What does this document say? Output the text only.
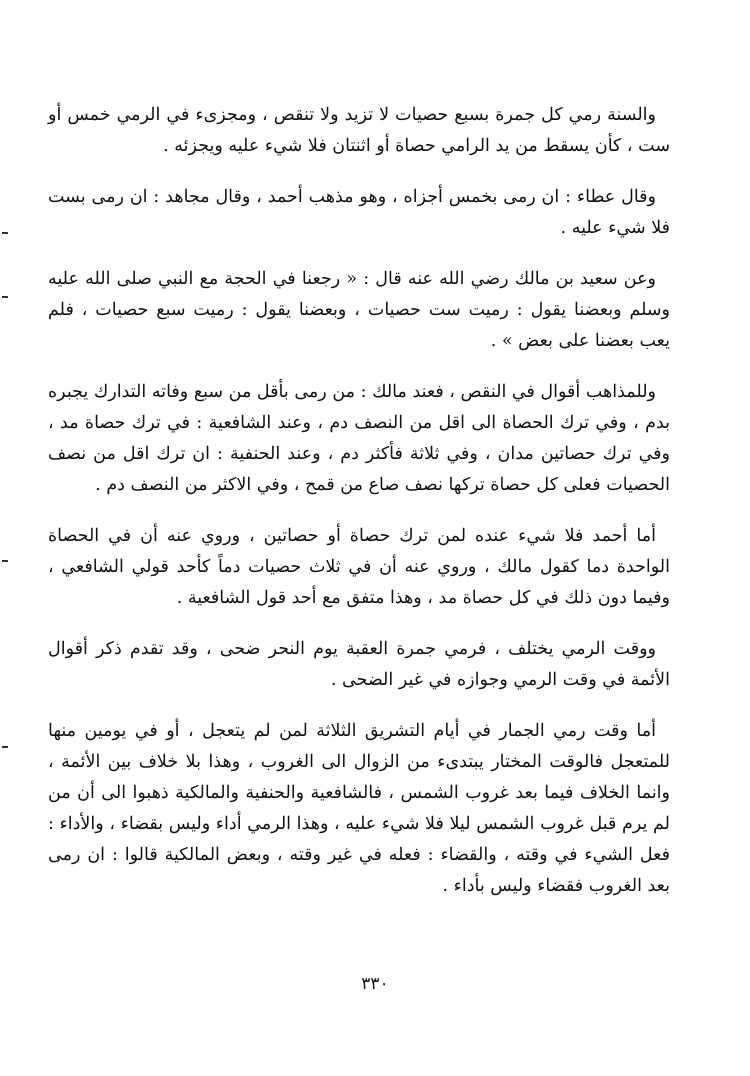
والسنة رمي كل جمرة بسبع حصيات لا تزيد ولا تنقص ، ومجزىء في الرمي خمس أو ست ، كأن يسقط من يد الرامي حصاة أو اثنتان فلا شيء عليه ويجزئه .

وقال عطاء : ان رمى بخمس أجزاه ، وهو مذهب أحمد ، وقال مجاهد : ان رمى بست فلا شيء عليه .

وعن سعيد بن مالك رضي الله عنه قال : « رجعنا في الحجة مع النبي صلى الله عليه وسلم وبعضنا يقول : رميت ست حصيات ، وبعضنا يقول : رميت سبع حصيات ، فلم يعب بعضنا على بعض » .

وللمذاهب أقوال في النقص ، فعند مالك : من رمى بأقل من سبع وفاته التدارك يجبره بدم ، وفي ترك الحصاة الى اقل من النصف دم ، وعند الشافعية : في ترك حصاة مد ، وفي ترك حصاتين مدان ، وفي ثلاثة فأكثر دم ، وعند الحنفية : ان ترك اقل من نصف الحصيات فعلى كل حصاة تركها نصف صاع من قمح ، وفي الاكثر من النصف دم .

أما أحمد فلا شيء عنده لمن ترك حصاة أو حصاتين ، وروي عنه أن في الحصاة الواحدة دما كقول مالك ، وروي عنه أن في ثلاث حصيات دماً كأحد قولي الشافعي ، وفيما دون ذلك في كل حصاة مد ، وهذا متفق مع أحد قول الشافعية .

ووقت الرمي يختلف ، فرمي جمرة العقبة يوم النحر ضحى ، وقد تقدم ذكر أقوال الأئمة في وقت الرمي وجوازه في غير الضحى .

أما وقت رمي الجمار في أيام التشريق الثلاثة لمن لم يتعجل ، أو في يومين منها للمتعجل فالوقت المختار يبتدىء من الزوال الى الغروب ، وهذا بلا خلاف بين الأئمة ، وانما الخلاف فيما بعد غروب الشمس ، فالشافعية والحنفية والمالكية ذهبوا الى أن من لم يرم قبل غروب الشمس ليلا فلا شيء عليه ، وهذا الرمي أداء وليس بقضاء ، والأداء : فعل الشيء في وقته ، والقضاء : فعله في غير وقته ، وبعض المالكية قالوا : ان رمى بعد الغروب فقضاء وليس بأداء .

٣٣٠
